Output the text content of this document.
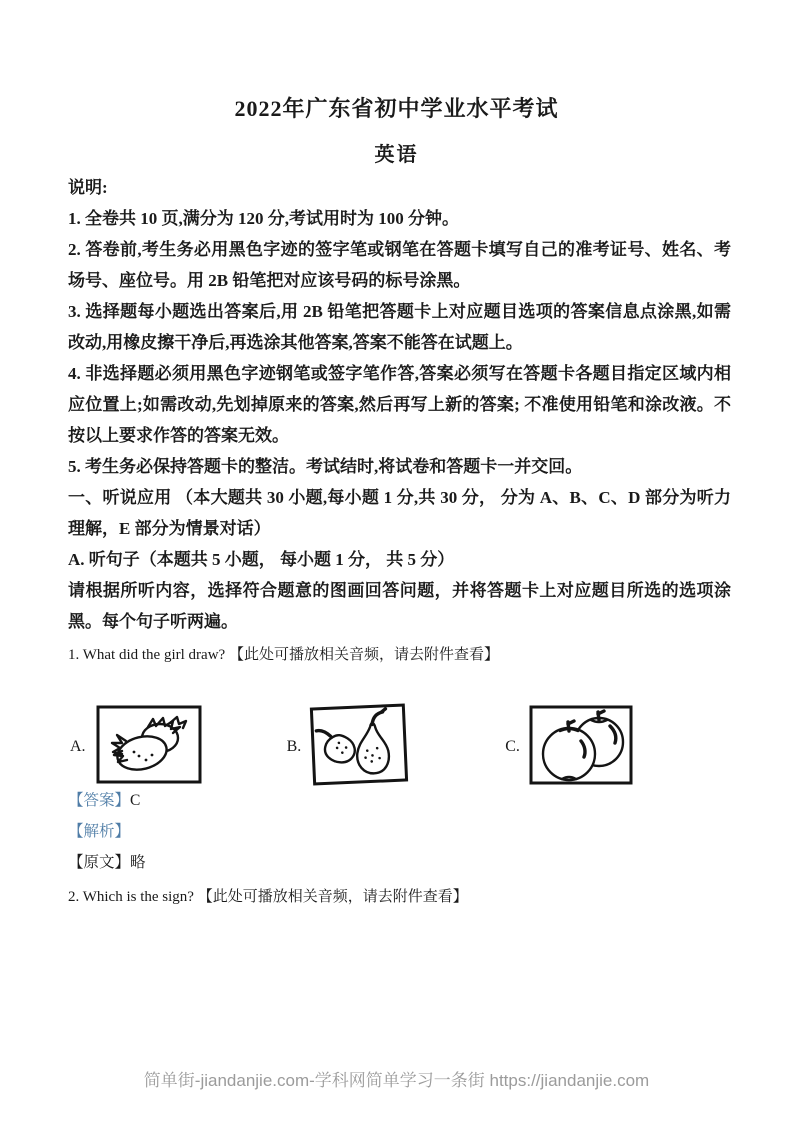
2022年广东省初中学业水平考试
英语

说明:

1. 全卷共 10 页,满分为 120 分,考试用时为 100 分钟。

2. 答卷前,考生务必用黑色字迹的签字笔或钢笔在答题卡填写自己的准考证号、姓名、考场号、座位号。用 2B 铅笔把对应该号码的标号涂黑。

3. 选择题每小题选出答案后,用 2B 铅笔把答题卡上对应题目选项的答案信息点涂黑,如需改动,用橡皮擦干净后,再选涂其他答案,答案不能答在试题上。

4. 非选择题必须用黑色字迹钢笔或签字笔作答,答案必须写在答题卡各题目指定区域内相应位置上;如需改动,先划掉原来的答案,然后再写上新的答案; 不准使用铅笔和涂改液。不按以上要求作答的答案无效。

5. 考生务必保持答题卡的整洁。考试结时,将试卷和答题卡一并交回。

一、听说应用 （本大题共 30 小题,每小题 1 分,共 30 分， 分为 A、B、C、D 部分为听力理解，E 部分为情景对话）

A. 听句子（本题共 5 小题， 每小题 1 分， 共 5 分）

请根据所听内容，选择符合题意的图画回答问题，并将答题卡上对应题目所选的选项涂黑。每个句子听两遍。

1. What did the girl draw? 【此处可播放相关音频，请去附件查看】
A.	B.	C.
【答案】C
【解析】
【原文】略
2. Which is the sign? 【此处可播放相关音频，请去附件查看】
简单街-jiandanjie.com-学科网简单学习一条街 https://jiandanjie.com
